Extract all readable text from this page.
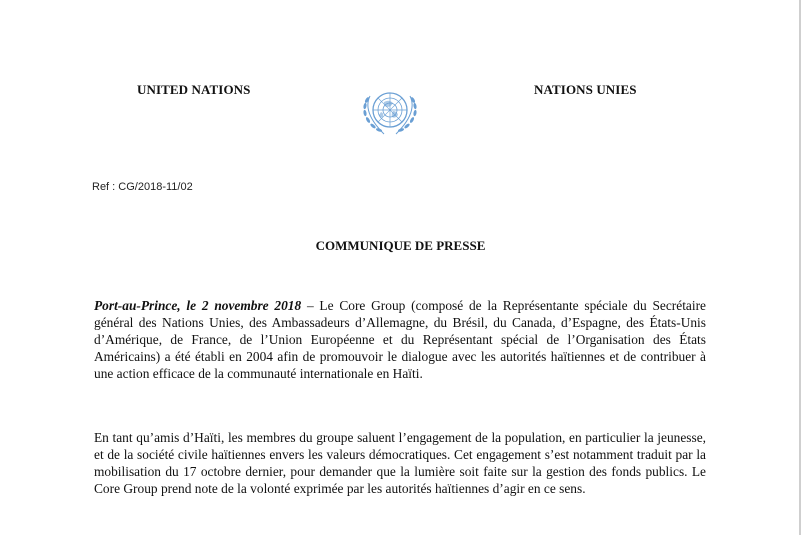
UNITED NATIONS	NATIONS UNIES
Ref : CG/2018-11/02
COMMUNIQUE DE PRESSE

Port-au-Prince, le 2 novembre 2018 – Le Core Group (composé de la Représentante spéciale du Secrétaire général des Nations Unies, des Ambassadeurs d’Allemagne, du Brésil, du Canada, d’Espagne, des États-Unis d’Amérique, de France, de l’Union Européenne et du Représentant spécial de l’Organisation des États Américains) a été établi en 2004 afin de promouvoir le dialogue avec les autorités haïtiennes et de contribuer à une action efficace de la communauté internationale en Haïti.

En tant qu’amis d’Haïti, les membres du groupe saluent l’engagement de la population, en particulier la jeunesse, et de la société civile haïtiennes envers les valeurs démocratiques. Cet engagement s’est notamment traduit par la mobilisation du 17 octobre dernier, pour demander que la lumière soit faite sur la gestion des fonds publics. Le Core Group prend note de la volonté exprimée par les autorités haïtiennes d’agir en ce sens.
